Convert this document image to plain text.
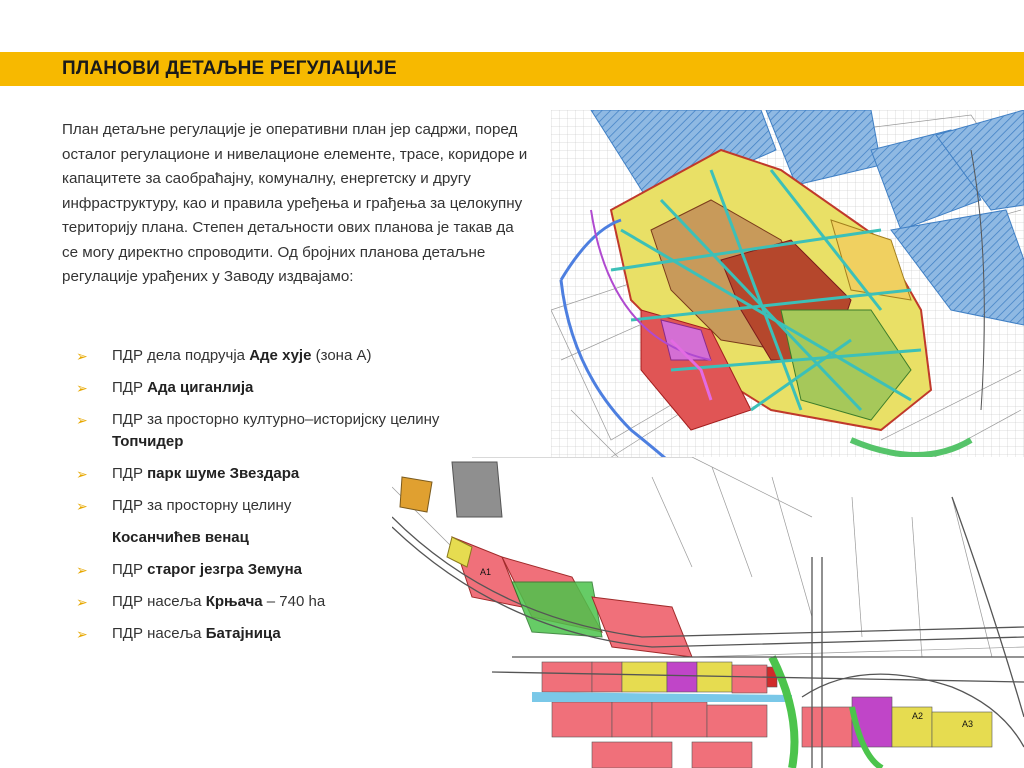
ПЛАНОВИ ДЕТАЉНЕ РЕГУЛАЦИЈЕ
План детаљне регулације је оперативни план јер садржи, поред осталог регулационе и нивелационе елементе, трасе, коридоре и капацитете за саобраћајну, комуналну, енергетску и другу инфраструктуру, као и правила уређења и грађења за целокупну територију плана. Степен детаљности ових планова је такав да се могу директно спроводити. Од бројних планова детаљне регулације урађених у Заводу издвајамо:
➢ ПДР дела подручја Аде хује (зона А)
➢ ПДР Ада циганлија
➢ ПДР за просторно културно–историјску целину Топчидер
➢ ПДР парк шуме Звездара
➢ ПДР за просторну целину
Косанчићев венац
➢ ПДР старог језгра Земуна
➢ ПДР насеља Крњача – 740 ha
➢ ПДР насеља Батајница
A1
A2
A3
